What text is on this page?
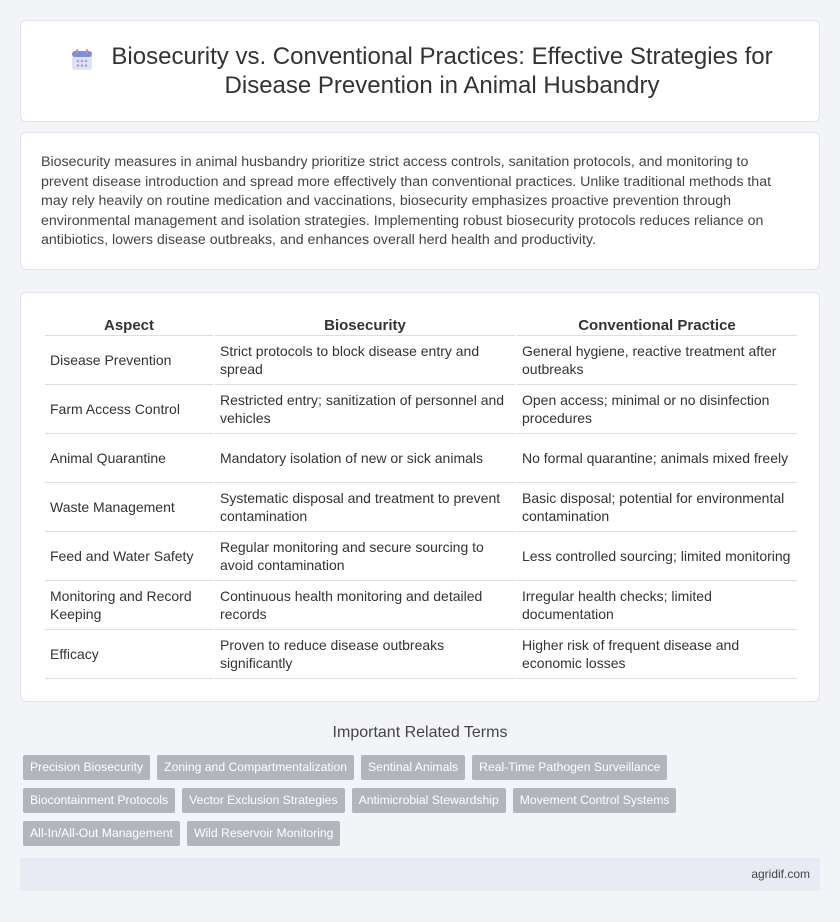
Biosecurity vs. Conventional Practices: Effective Strategies for Disease Prevention in Animal Husbandry

Biosecurity measures in animal husbandry prioritize strict access controls, sanitation protocols, and monitoring to prevent disease introduction and spread more effectively than conventional practices. Unlike traditional methods that may rely heavily on routine medication and vaccinations, biosecurity emphasizes proactive prevention through environmental management and isolation strategies. Implementing robust biosecurity protocols reduces reliance on antibiotics, lowers disease outbreaks, and enhances overall herd health and productivity.

Aspect	Biosecurity	Conventional Practice
Disease Prevention	Strict protocols to block disease entry and spread	General hygiene, reactive treatment after outbreaks
Farm Access Control	Restricted entry; sanitization of personnel and vehicles	Open access; minimal or no disinfection procedures
Animal Quarantine	Mandatory isolation of new or sick animals	No formal quarantine; animals mixed freely
Waste Management	Systematic disposal and treatment to prevent contamination	Basic disposal; potential for environmental contamination
Feed and Water Safety	Regular monitoring and secure sourcing to avoid contamination	Less controlled sourcing; limited monitoring
Monitoring and Record Keeping	Continuous health monitoring and detailed records	Irregular health checks; limited documentation
Efficacy	Proven to reduce disease outbreaks significantly	Higher risk of frequent disease and economic losses
Important Related Terms
Precision Biosecurity	Zoning and Compartmentalization	Sentinal Animals	Real-Time Pathogen Surveillance
Biocontainment Protocols	Vector Exclusion Strategies	Antimicrobial Stewardship	Movement Control Systems
All-In/All-Out Management	Wild Reservoir Monitoring
agridif.com
